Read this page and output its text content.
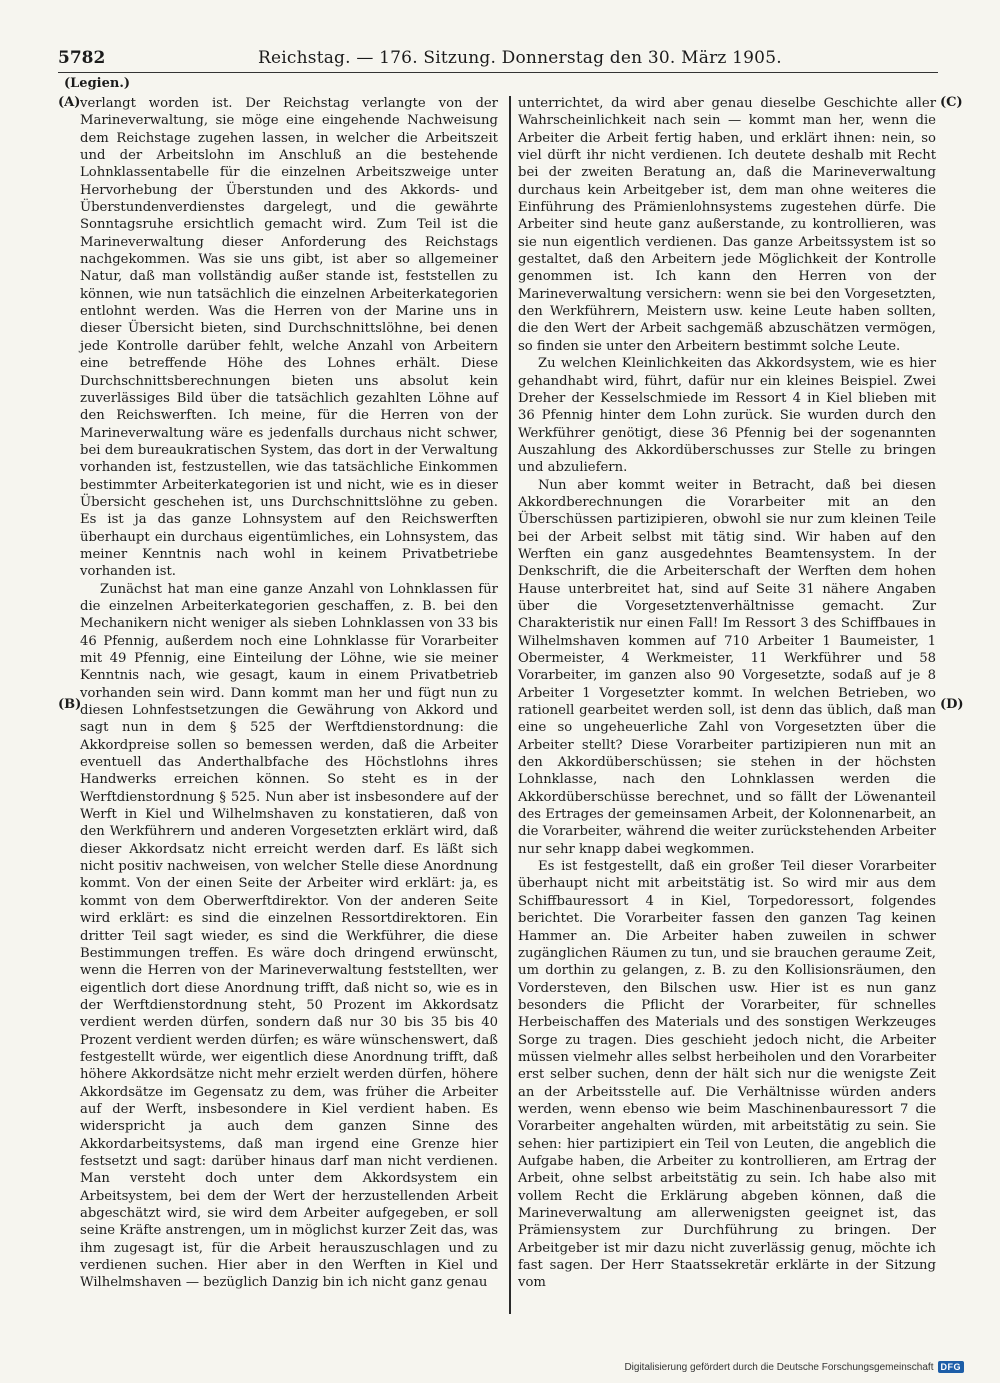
5782	Reichstag. — 176. Sitzung. Donnerstag den 30. März 1905.
(Legien.)
(A)
(B)
(C)
(D)

verlangt worden ist. Der Reichstag verlangte von der Marineverwaltung, sie möge eine eingehende Nachweisung dem Reichstage zugehen lassen, in welcher die Arbeitszeit und der Arbeitslohn im Anschluß an die bestehende Lohnklassentabelle für die einzelnen Arbeitszweige unter Hervorhebung der Überstunden und des Akkords- und Überstundenverdienstes dargelegt, und die gewährte Sonntagsruhe ersichtlich gemacht wird. Zum Teil ist die Marineverwaltung dieser Anforderung des Reichstags nachgekommen. Was sie uns gibt, ist aber so allgemeiner Natur, daß man vollständig außer stande ist, feststellen zu können, wie nun tatsächlich die einzelnen Arbeiterkategorien entlohnt werden. Was die Herren von der Marine uns in dieser Übersicht bieten, sind Durchschnittslöhne, bei denen jede Kontrolle darüber fehlt, welche Anzahl von Arbeitern eine betreffende Höhe des Lohnes erhält. Diese Durchschnittsberechnungen bieten uns absolut kein zuverlässiges Bild über die tatsächlich gezahlten Löhne auf den Reichswerften. Ich meine, für die Herren von der Marineverwaltung wäre es jedenfalls durchaus nicht schwer, bei dem bureaukratischen System, das dort in der Verwaltung vorhanden ist, festzustellen, wie das tatsächliche Einkommen bestimmter Arbeiterkategorien ist und nicht, wie es in dieser Übersicht geschehen ist, uns Durchschnittslöhne zu geben. Es ist ja das ganze Lohnsystem auf den Reichswerften überhaupt ein durchaus eigentümliches, ein Lohnsystem, das meiner Kenntnis nach wohl in keinem Privatbetriebe vorhanden ist.

Zunächst hat man eine ganze Anzahl von Lohnklassen für die einzelnen Arbeiterkategorien geschaffen, z. B. bei den Mechanikern nicht weniger als sieben Lohnklassen von 33 bis 46 Pfennig, außerdem noch eine Lohnklasse für Vorarbeiter mit 49 Pfennig, eine Einteilung der Löhne, wie sie meiner Kenntnis nach, wie gesagt, kaum in einem Privatbetrieb vorhanden sein wird. Dann kommt man her und fügt nun zu diesen Lohnfestsetzungen die Gewährung von Akkord und sagt nun in dem § 525 der Werftdienstordnung: die Akkordpreise sollen so bemessen werden, daß die Arbeiter eventuell das Anderthalbfache des Höchstlohns ihres Handwerks erreichen können. So steht es in der Werftdienstordnung § 525. Nun aber ist insbesondere auf der Werft in Kiel und Wilhelmshaven zu konstatieren, daß von den Werkführern und anderen Vorgesetzten erklärt wird, daß dieser Akkordsatz nicht erreicht werden darf. Es läßt sich nicht positiv nachweisen, von welcher Stelle diese Anordnung kommt. Von der einen Seite der Arbeiter wird erklärt: ja, es kommt von dem Oberwerftdirektor. Von der anderen Seite wird erklärt: es sind die einzelnen Ressortdirektoren. Ein dritter Teil sagt wieder, es sind die Werkführer, die diese Bestimmungen treffen. Es wäre doch dringend erwünscht, wenn die Herren von der Marineverwaltung feststellten, wer eigentlich dort diese Anordnung trifft, daß nicht so, wie es in der Werftdienstordnung steht, 50 Prozent im Akkordsatz verdient werden dürfen, sondern daß nur 30 bis 35 bis 40 Prozent verdient werden dürfen; es wäre wünschenswert, daß festgestellt würde, wer eigentlich diese Anordnung trifft, daß höhere Akkordsätze nicht mehr erzielt werden dürfen, höhere Akkordsätze im Gegensatz zu dem, was früher die Arbeiter auf der Werft, insbesondere in Kiel verdient haben. Es widerspricht ja auch dem ganzen Sinne des Akkordarbeitsystems, daß man irgend eine Grenze hier festsetzt und sagt: darüber hinaus darf man nicht verdienen. Man versteht doch unter dem Akkordsystem ein Arbeitsystem, bei dem der Wert der herzustellenden Arbeit abgeschätzt wird, sie wird dem Arbeiter aufgegeben, er soll seine Kräfte anstrengen, um in möglichst kurzer Zeit das, was ihm zugesagt ist, für die Arbeit herauszuschlagen und zu verdienen suchen. Hier aber in den Werften in Kiel und Wilhelmshaven — bezüglich Danzig bin ich nicht ganz genau

unterrichtet, da wird aber genau dieselbe Geschichte aller Wahrscheinlichkeit nach sein — kommt man her, wenn die Arbeiter die Arbeit fertig haben, und erklärt ihnen: nein, so viel dürft ihr nicht verdienen. Ich deutete deshalb mit Recht bei der zweiten Beratung an, daß die Marineverwaltung durchaus kein Arbeitgeber ist, dem man ohne weiteres die Einführung des Prämienlohnsystems zugestehen dürfe. Die Arbeiter sind heute ganz außerstande, zu kontrollieren, was sie nun eigentlich verdienen. Das ganze Arbeitssystem ist so gestaltet, daß den Arbeitern jede Möglichkeit der Kontrolle genommen ist. Ich kann den Herren von der Marineverwaltung versichern: wenn sie bei den Vorgesetzten, den Werkführern, Meistern usw. keine Leute haben sollten, die den Wert der Arbeit sachgemäß abzuschätzen vermögen, so finden sie unter den Arbeitern bestimmt solche Leute.

Zu welchen Kleinlichkeiten das Akkordsystem, wie es hier gehandhabt wird, führt, dafür nur ein kleines Beispiel. Zwei Dreher der Kesselschmiede im Ressort 4 in Kiel blieben mit 36 Pfennig hinter dem Lohn zurück. Sie wurden durch den Werkführer genötigt, diese 36 Pfennig bei der sogenannten Auszahlung des Akkordüberschusses zur Stelle zu bringen und abzuliefern.

Nun aber kommt weiter in Betracht, daß bei diesen Akkordberechnungen die Vorarbeiter mit an den Überschüssen partizipieren, obwohl sie nur zum kleinen Teile bei der Arbeit selbst mit tätig sind. Wir haben auf den Werften ein ganz ausgedehntes Beamtensystem. In der Denkschrift, die die Arbeiterschaft der Werften dem hohen Hause unterbreitet hat, sind auf Seite 31 nähere Angaben über die Vorgesetztenverhältnisse gemacht. Zur Charakteristik nur einen Fall! Im Ressort 3 des Schiffbaues in Wilhelmshaven kommen auf 710 Arbeiter 1 Baumeister, 1 Obermeister, 4 Werkmeister, 11 Werkführer und 58 Vorarbeiter, im ganzen also 90 Vorgesetzte, sodaß auf je 8 Arbeiter 1 Vorgesetzter kommt. In welchen Betrieben, wo rationell gearbeitet werden soll, ist denn das üblich, daß man eine so ungeheuerliche Zahl von Vorgesetzten über die Arbeiter stellt? Diese Vorarbeiter partizipieren nun mit an den Akkordüberschüssen; sie stehen in der höchsten Lohnklasse, nach den Lohnklassen werden die Akkordüberschüsse berechnet, und so fällt der Löwenanteil des Ertrages der gemeinsamen Arbeit, der Kolonnenarbeit, an die Vorarbeiter, während die weiter zurückstehenden Arbeiter nur sehr knapp dabei wegkommen.

Es ist festgestellt, daß ein großer Teil dieser Vorarbeiter überhaupt nicht mit arbeitstätig ist. So wird mir aus dem Schiffbauressort 4 in Kiel, Torpedoressort, folgendes berichtet. Die Vorarbeiter fassen den ganzen Tag keinen Hammer an. Die Arbeiter haben zuweilen in schwer zugänglichen Räumen zu tun, und sie brauchen geraume Zeit, um dorthin zu gelangen, z. B. zu den Kollisionsräumen, den Vordersteven, den Bilschen usw. Hier ist es nun ganz besonders die Pflicht der Vorarbeiter, für schnelles Herbeischaffen des Materials und des sonstigen Werkzeuges Sorge zu tragen. Dies geschieht jedoch nicht, die Arbeiter müssen vielmehr alles selbst herbeiholen und den Vorarbeiter erst selber suchen, denn der hält sich nur die wenigste Zeit an der Arbeitsstelle auf. Die Verhältnisse würden anders werden, wenn ebenso wie beim Maschinenbauressort 7 die Vorarbeiter angehalten würden, mit arbeitstätig zu sein. Sie sehen: hier partizipiert ein Teil von Leuten, die angeblich die Aufgabe haben, die Arbeiter zu kontrollieren, am Ertrag der Arbeit, ohne selbst arbeitstätig zu sein. Ich habe also mit vollem Recht die Erklärung abgeben können, daß die Marineverwaltung am allerwenigsten geeignet ist, das Prämiensystem zur Durchführung zu bringen. Der Arbeitgeber ist mir dazu nicht zuverlässig genug, möchte ich fast sagen. Der Herr Staatssekretär erklärte in der Sitzung vom

Digitalisierung gefördert durch die Deutsche Forschungsgemeinschaft DFG
